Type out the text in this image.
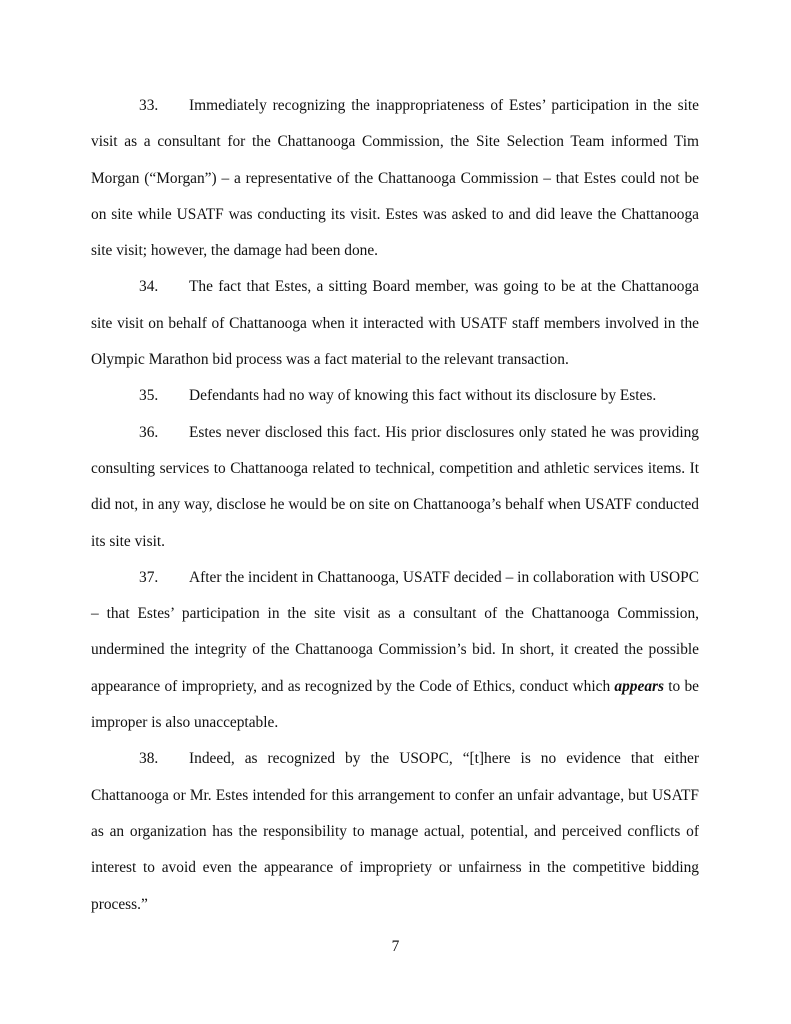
33. Immediately recognizing the inappropriateness of Estes’ participation in the site visit as a consultant for the Chattanooga Commission, the Site Selection Team informed Tim Morgan (“Morgan”) – a representative of the Chattanooga Commission – that Estes could not be on site while USATF was conducting its visit. Estes was asked to and did leave the Chattanooga site visit; however, the damage had been done.

34. The fact that Estes, a sitting Board member, was going to be at the Chattanooga site visit on behalf of Chattanooga when it interacted with USATF staff members involved in the Olympic Marathon bid process was a fact material to the relevant transaction.

35. Defendants had no way of knowing this fact without its disclosure by Estes.

36. Estes never disclosed this fact. His prior disclosures only stated he was providing consulting services to Chattanooga related to technical, competition and athletic services items. It did not, in any way, disclose he would be on site on Chattanooga’s behalf when USATF conducted its site visit.

37. After the incident in Chattanooga, USATF decided – in collaboration with USOPC – that Estes’ participation in the site visit as a consultant of the Chattanooga Commission, undermined the integrity of the Chattanooga Commission’s bid. In short, it created the possible appearance of impropriety, and as recognized by the Code of Ethics, conduct which appears to be improper is also unacceptable.

38. Indeed, as recognized by the USOPC, “[t]here is no evidence that either Chattanooga or Mr. Estes intended for this arrangement to confer an unfair advantage, but USATF as an organization has the responsibility to manage actual, potential, and perceived conflicts of interest to avoid even the appearance of impropriety or unfairness in the competitive bidding process.”

7
